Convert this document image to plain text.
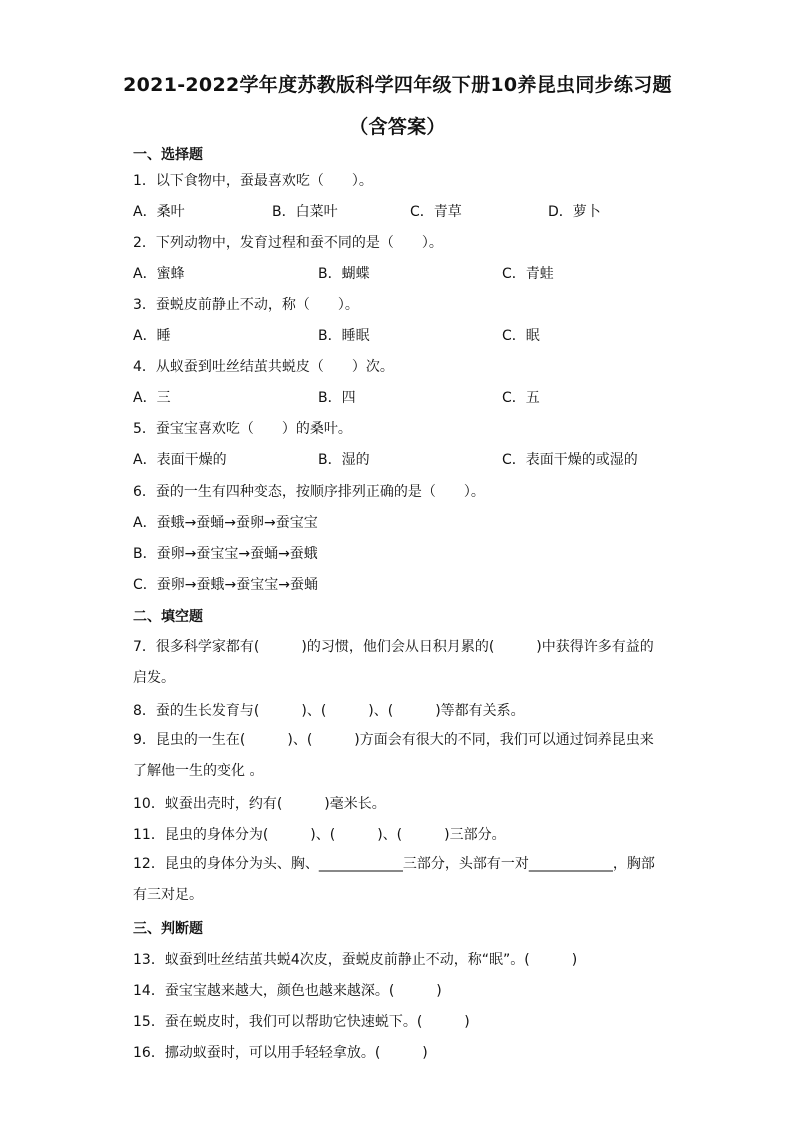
2021-2022学年度苏教版科学四年级下册10养昆虫同步练习题（含答案）
一、选择题
1．以下食物中，蚕最喜欢吃（　　）。
A．桑叶	B．白菜叶	C．青草	D．萝卜
2．下列动物中，发育过程和蚕不同的是（　　）。
A．蜜蜂	B．蝴蝶	C．青蛙
3．蚕蜕皮前静止不动，称（　　）。
A．睡	B．睡眠	C．眠
4．从蚁蚕到吐丝结茧共蜕皮（　　）次。
A．三	B．四	C．五
5．蚕宝宝喜欢吃（　　）的桑叶。
A．表面干燥的	B．湿的	C．表面干燥的或湿的
6．蚕的一生有四种变态，按顺序排列正确的是（　　）。
A．蚕蛾→蚕蛹→蚕卵→蚕宝宝
B．蚕卵→蚕宝宝→蚕蛹→蚕蛾
C．蚕卵→蚕蛾→蚕宝宝→蚕蛹
二、填空题
7．很多科学家都有(　　　)的习惯，他们会从日积月累的(　　　)中获得许多有益的启发。
8．蚕的生长发育与(　　　)、(　　　)、(　　　)等都有关系。
9．昆虫的一生在(　　　)、(　　　)方面会有很大的不同，我们可以通过饲养昆虫来了解他一生的变化 。
10．蚁蚕出壳时，约有(　　　)毫米长。
11．昆虫的身体分为(　　　)、(　　　)、(　　　)三部分。
12．昆虫的身体分为头、胸、____________三部分，头部有一对____________，胸部有三对足。
三、判断题
13．蚁蚕到吐丝结茧共蜕4次皮，蚕蜕皮前静止不动，称“眠”。(　　　)
14．蚕宝宝越来越大，颜色也越来越深。(　　　)
15．蚕在蜕皮时，我们可以帮助它快速蜕下。(　　　)
16．挪动蚁蚕时，可以用手轻轻拿放。(　　　)
